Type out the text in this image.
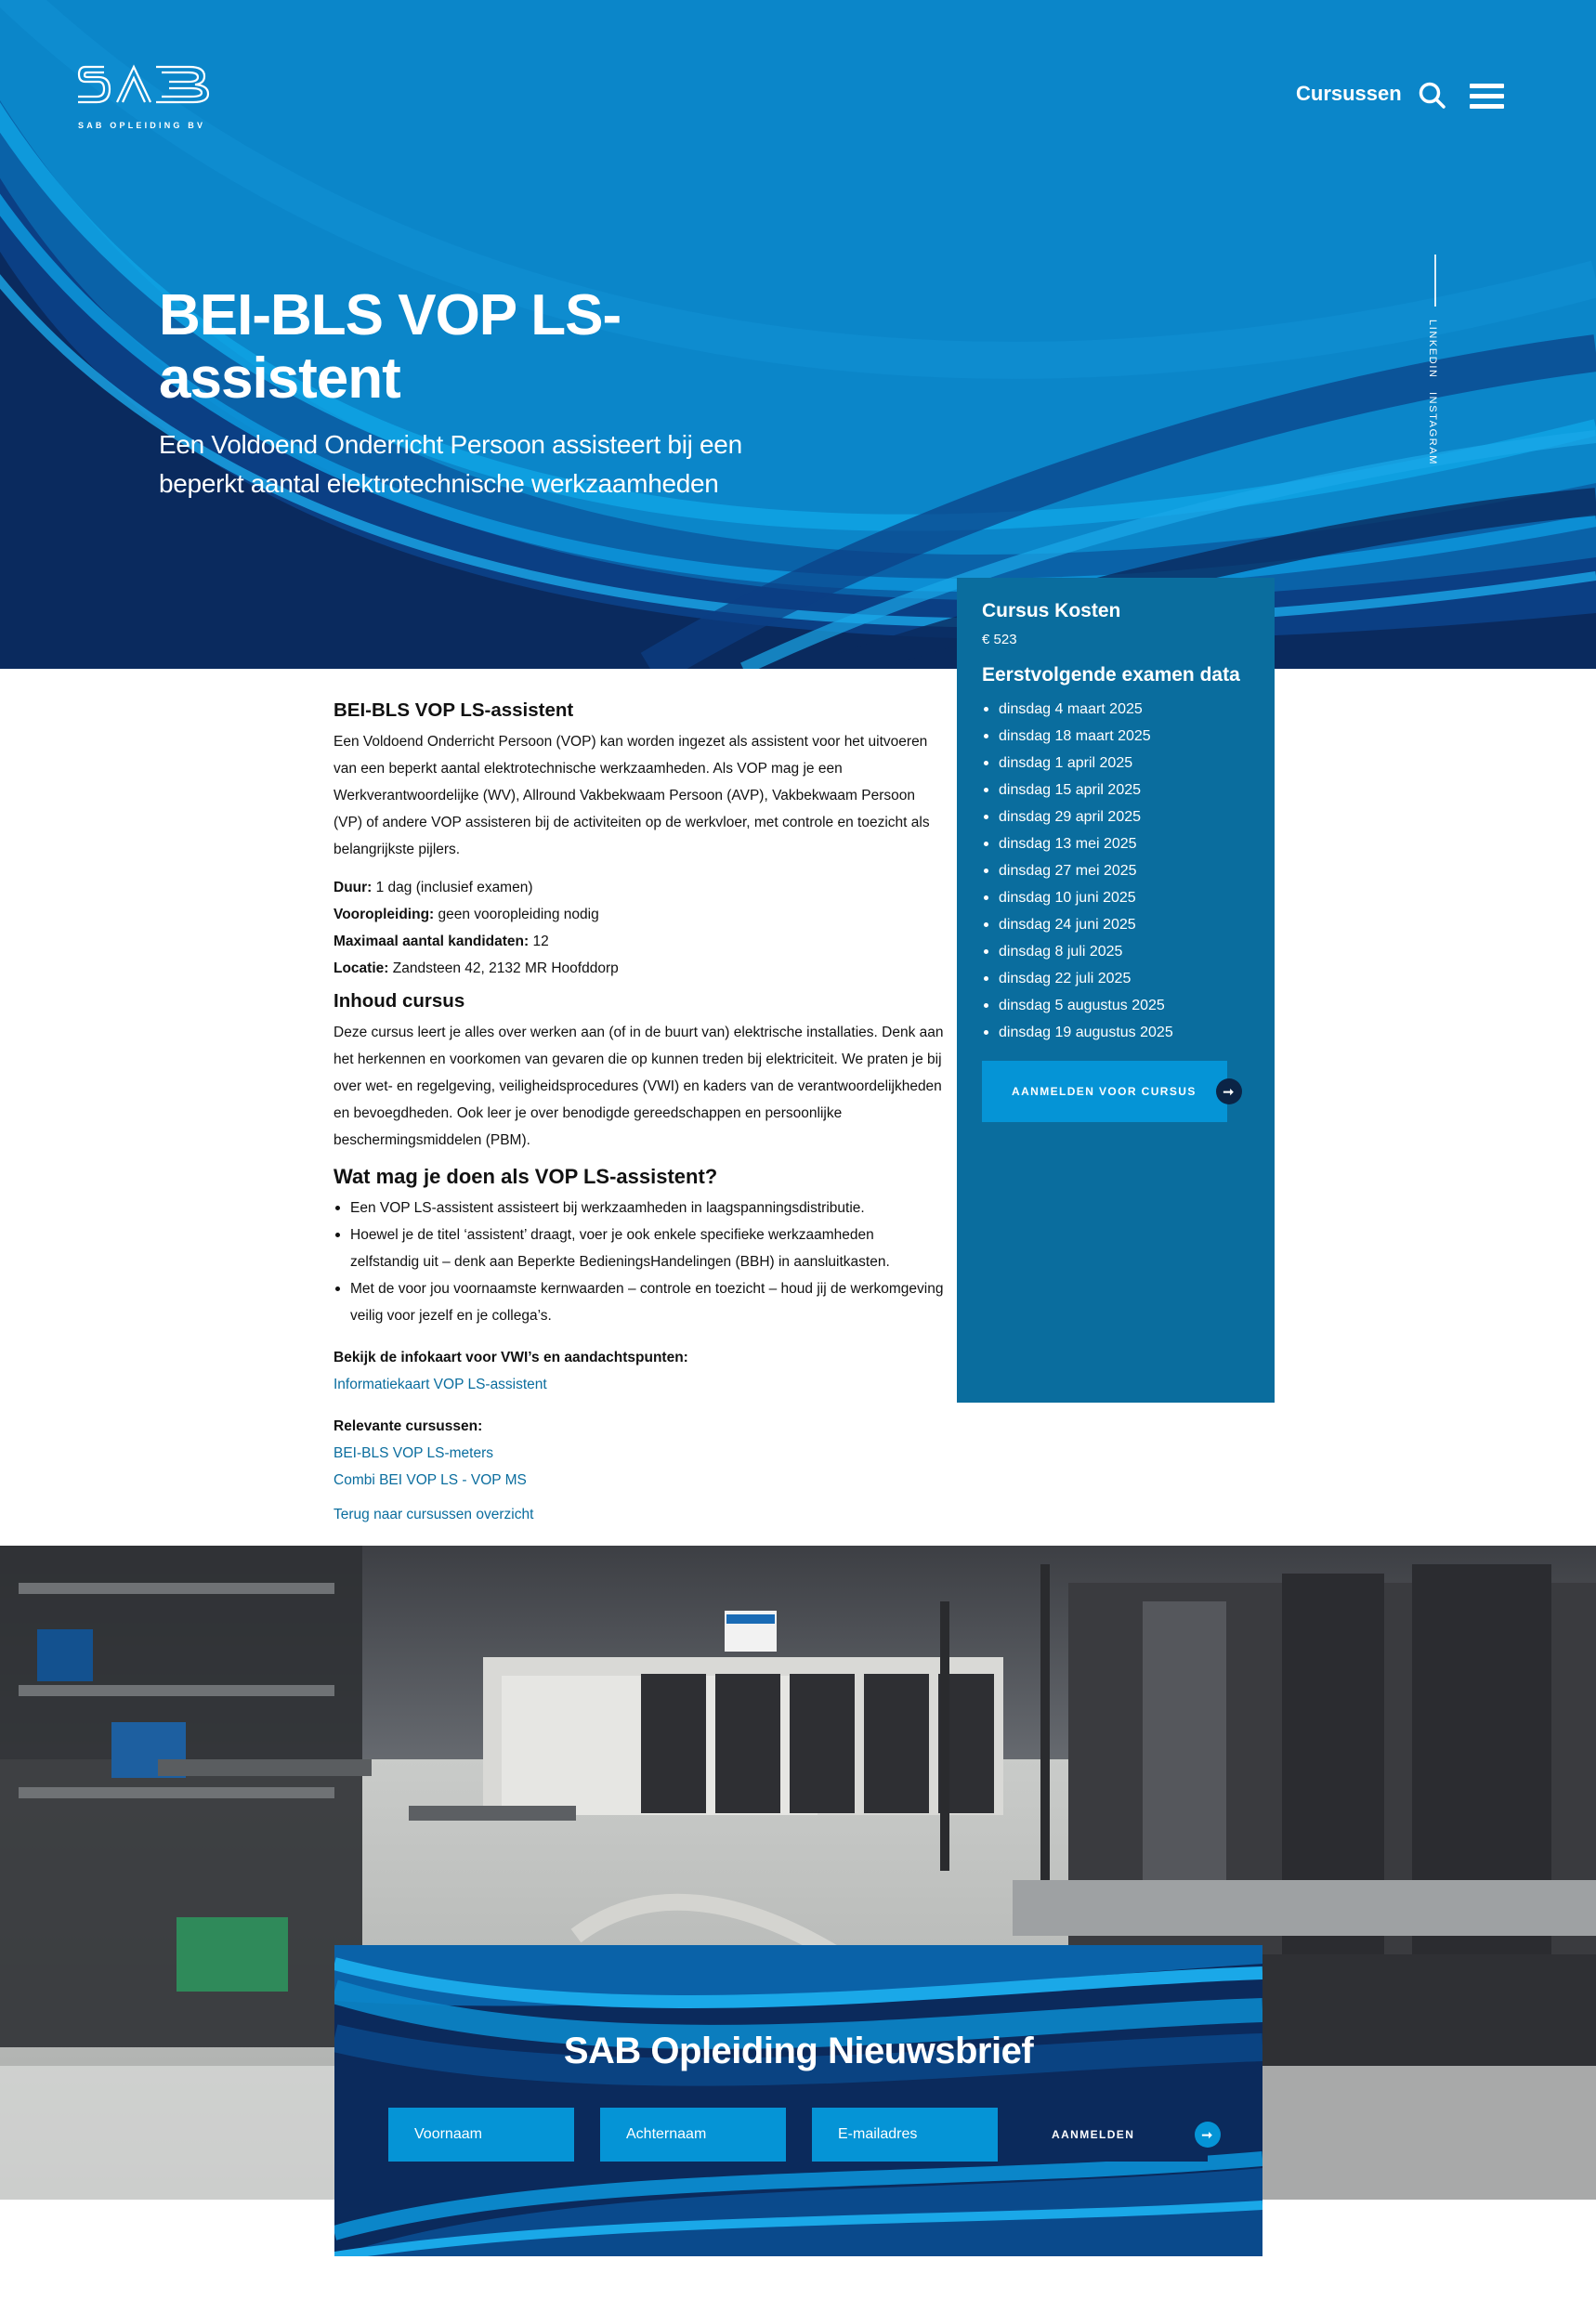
SAB OPLEIDING BV
Cursussen
LINKEDIN
INSTAGRAM
BEI-BLS VOP LS-assistent

Een Voldoend Onderricht Persoon assisteert bij een beperkt aantal elektrotechnische werkzaamheden

BEI-BLS VOP LS-assistent

Een Voldoend Onderricht Persoon (VOP) kan worden ingezet als assistent voor het uitvoeren van een beperkt aantal elektrotechnische werkzaamheden. Als VOP mag je een Werkverantwoordelijke (WV), Allround Vakbekwaam Persoon (AVP), Vakbekwaam Persoon (VP) of andere VOP assisteren bij de activiteiten op de werkvloer, met controle en toezicht als belangrijkste pijlers.

Duur: 1 dag (inclusief examen)
Vooropleiding: geen vooropleiding nodig
Maximaal aantal kandidaten: 12
Locatie: Zandsteen 42, 2132 MR Hoofddorp
Inhoud cursus

Deze cursus leert je alles over werken aan (of in de buurt van) elektrische installaties. Denk aan het herkennen en voorkomen van gevaren die op kunnen treden bij elektriciteit. We praten je bij over wet- en regelgeving, veiligheidsprocedures (VWI) en kaders van de verantwoordelijkheden en bevoegdheden. Ook leer je over benodigde gereedschappen en persoonlijke beschermingsmiddelen (PBM).

Wat mag je doen als VOP LS-assistent?
Een VOP LS-assistent assisteert bij werkzaamheden in laagspanningsdistributie.
Hoewel je de titel ‘assistent’ draagt, voer je ook enkele specifieke werkzaamheden zelfstandig uit – denk aan Beperkte BedieningsHandelingen (BBH) in aansluitkasten.
Met de voor jou voornaamste kernwaarden – controle en toezicht – houd jij de werkomgeving veilig voor jezelf en je collega’s.
Bekijk de infokaart voor VWI’s en aandachtspunten:
Informatiekaart VOP LS-assistent
Relevante cursussen:
BEI-BLS VOP LS-meters
Combi BEI VOP LS - VOP MS
Terug naar cursussen overzicht
Cursus Kosten
€ 523
Eerstvolgende examen data
dinsdag 4 maart 2025
dinsdag 18 maart 2025
dinsdag 1 april 2025
dinsdag 15 april 2025
dinsdag 29 april 2025
dinsdag 13 mei 2025
dinsdag 27 mei 2025
dinsdag 10 juni 2025
dinsdag 24 juni 2025
dinsdag 8 juli 2025
dinsdag 22 juli 2025
dinsdag 5 augustus 2025
dinsdag 19 augustus 2025
AANMELDEN VOOR CURSUS	➞
SAB Opleiding Nieuwsbrief
Voornaam
Achternaam
E-mailadres
AANMELDEN	➞
